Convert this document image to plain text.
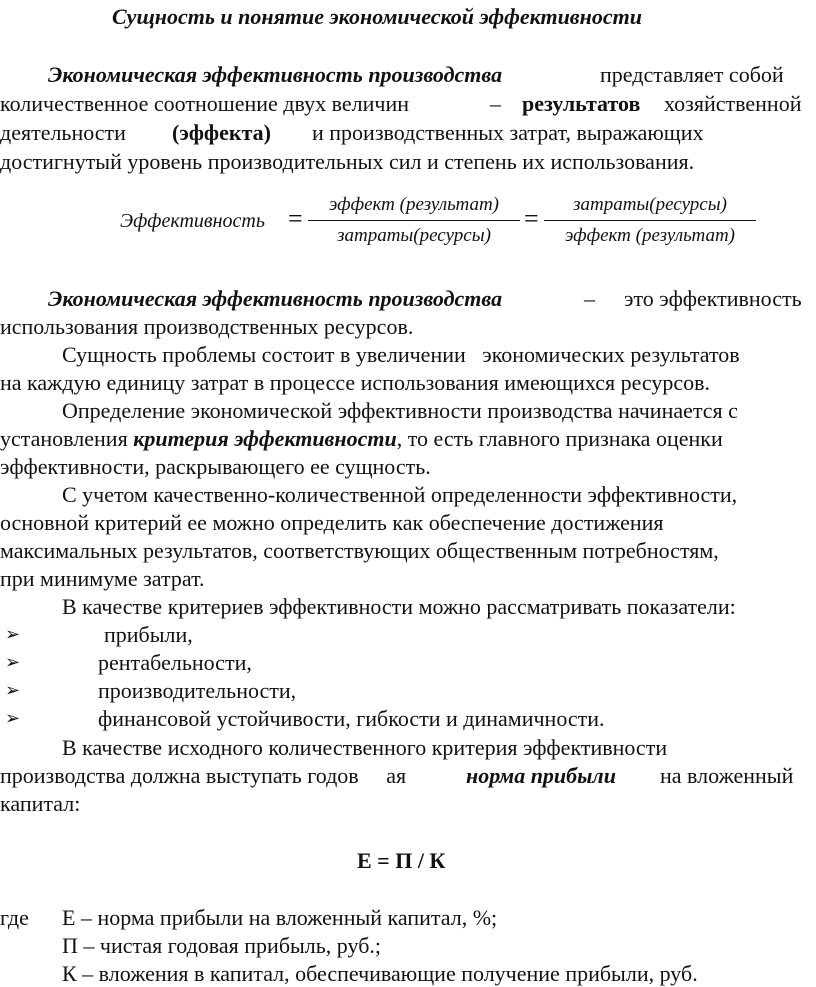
Сущность и понятие экономической эффективности
Экономическая эффективность производства	представляет собой
количественное соотношение двух величин	– результатов хозяйственной
деятельности (эффекта) и производственных затрат, выражающих
достигнутый уровень производительных сил и степень их использования.
Эффективность =	эффект (результат)
затраты(ресурсы)
=	затраты(ресурсы)
эффект (результат)
Экономическая эффективность производства	– это эффективность
использования производственных ресурсов.
Сущность проблемы состоит в увеличении   экономических результатов
на каждую единицу затрат в процессе использования имеющихся ресурсов.
Определение экономической эффективности производства начинается с
установления критерия эффективности, то есть главного признака оценки
эффективности, раскрывающего ее сущность.
С учетом качественно-количественной определенности эффективности,
основной критерий ее можно определить как обеспечение достижения
максимальных результатов, соответствующих общественным потребностям,
при минимуме затрат.
В качестве критериев эффективности можно рассматривать показатели:
➢	прибыли,
➢	рентабельности,
➢	производительности,
➢	финансовой устойчивости, гибкости и динамичности.
В качестве исходного количественного критерия эффективности
производства должна выступать годов     ая	норма прибыли на вложенный
капитал:
Е = П / К
где Е – норма прибыли на вложенный капитал, %;
П – чистая годовая прибыль, руб.;
К – вложения в капитал, обеспечивающие получение прибыли, руб.
